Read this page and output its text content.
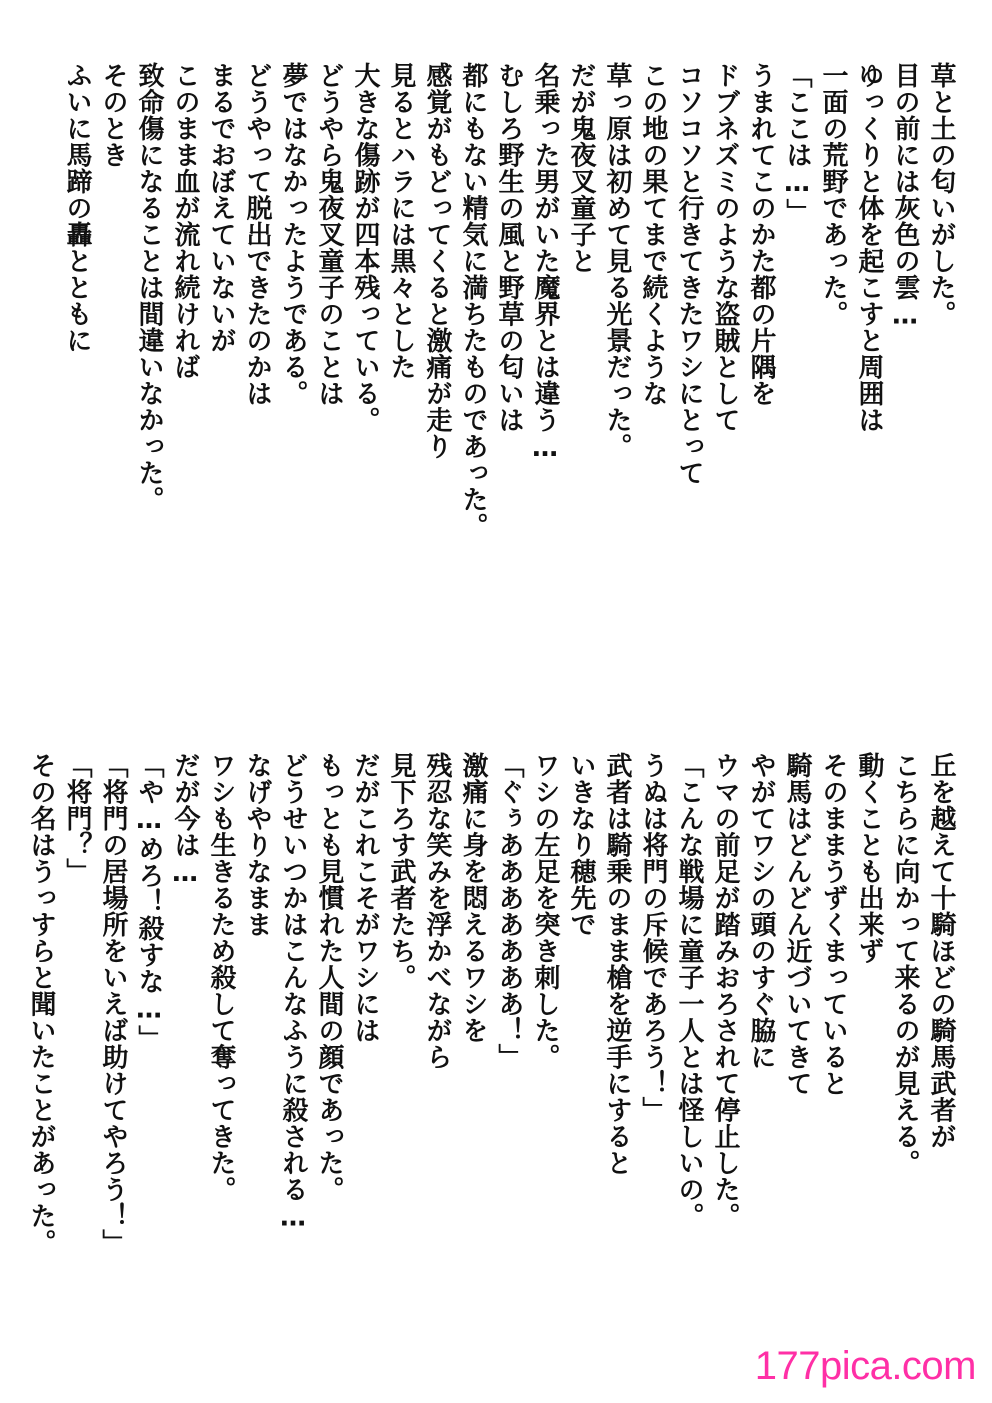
草と土の匂いがした。
目の前には灰色の雲…
ゆっくりと体を起こすと周囲は
一面の荒野であった。
「ここは…」
うまれてこのかた都の片隅を
ドブネズミのような盗賊として
コソコソと行きてきたワシにとって
この地の果てまで続くような
草っ原は初めて見る光景だった。
だが鬼夜叉童子と
名乗った男がいた魔界とは違う…
むしろ野生の風と野草の匂いは
都にもない精気に満ちたものであった。
感覚がもどってくると激痛が走り
見るとハラには黒々とした
大きな傷跡が四本残っている。
どうやら鬼夜叉童子のことは
夢ではなかったようである。
どうやって脱出できたのかは
まるでおぼえていないが
このまま血が流れ続ければ
致命傷になることは間違いなかった。
そのとき
ふいに馬蹄の轟とともに
丘を越えて十騎ほどの騎馬武者が
こちらに向かって来るのが見える。
動くことも出来ず
そのままうずくまっていると
騎馬はどんどん近づいてきて
やがてワシの頭のすぐ脇に
ウマの前足が踏みおろされて停止した。
「こんな戦場に童子一人とは怪しいの。
うぬは将門の斥候であろう！」
武者は騎乗のまま槍を逆手にすると
いきなり穂先で
ワシの左足を突き刺した。
「ぐぅあああああああ！」
激痛に身を悶えるワシを
残忍な笑みを浮かべながら
見下ろす武者たち。
だがこれこそがワシには
もっとも見慣れた人間の顔であった。
どうせいつかはこんなふうに殺される…
なげやりなまま
ワシも生きるため殺して奪ってきた。
だが今は…
「や…めろ！殺すな…」
「将門の居場所をいえば助けてやろう！」
「将門？」
その名はうっすらと聞いたことがあった。
177pica.com
